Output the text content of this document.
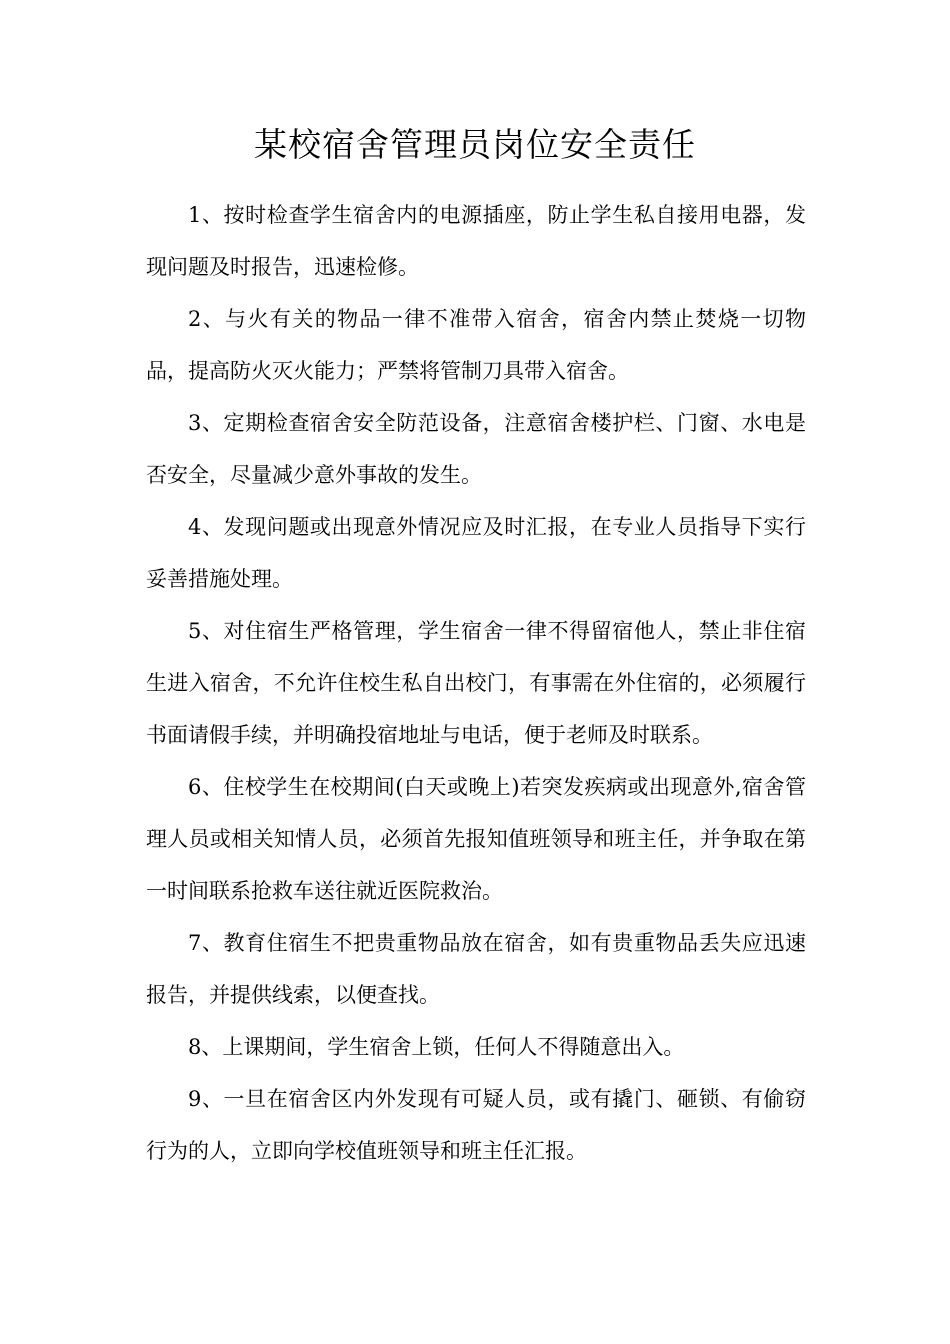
某校宿舍管理员岗位安全责任

1、按时检查学生宿舍内的电源插座，防止学生私自接用电器，发现问题及时报告，迅速检修。

2、与火有关的物品一律不准带入宿舍，宿舍内禁止焚烧一切物品，提高防火灭火能力；严禁将管制刀具带入宿舍。

3、定期检查宿舍安全防范设备，注意宿舍楼护栏、门窗、水电是否安全，尽量减少意外事故的发生。

4、发现问题或出现意外情况应及时汇报，在专业人员指导下实行妥善措施处理。

5、对住宿生严格管理，学生宿舍一律不得留宿他人，禁止非住宿生进入宿舍，不允许住校生私自出校门，有事需在外住宿的，必须履行书面请假手续，并明确投宿地址与电话，便于老师及时联系。

6、住校学生在校期间(白天或晚上)若突发疾病或出现意外,宿舍管理人员或相关知情人员，必须首先报知值班领导和班主任，并争取在第一时间联系抢救车送往就近医院救治。

7、教育住宿生不把贵重物品放在宿舍，如有贵重物品丢失应迅速报告，并提供线索，以便查找。

8、上课期间，学生宿舍上锁，任何人不得随意出入。

9、一旦在宿舍区内外发现有可疑人员，或有撬门、砸锁、有偷窃行为的人，立即向学校值班领导和班主任汇报。
